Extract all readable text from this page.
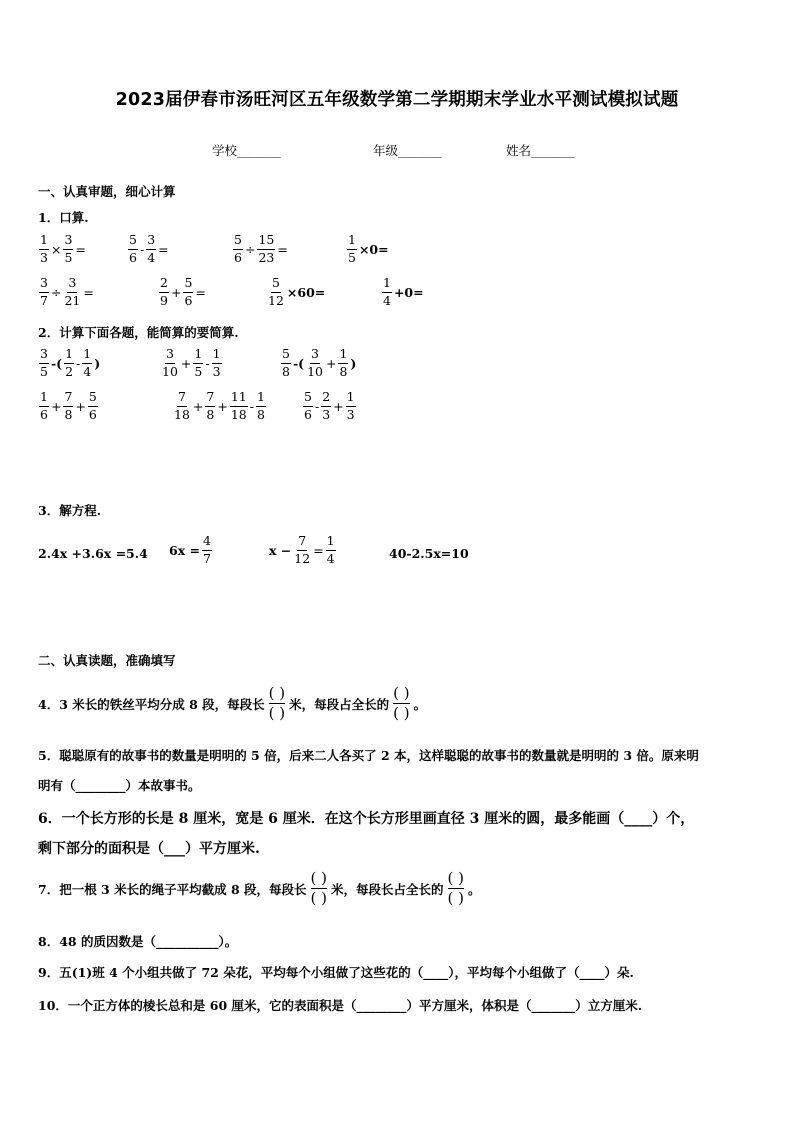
2023届伊春市汤旺河区五年级数学第二学期期末学业水平测试模拟试题
学校_______	年级_______	姓名_______
一、认真审题，细心计算
1．口算.
$\frac{1}{3} \times \frac{3}{5}$ =	$\frac{5}{6} - \frac{3}{4}$ =	$\frac{5}{6} \div \frac{15}{23}$ =	$\frac{1}{5} \times 0=$
$\frac{3}{7} \div \frac{3}{21}$ =	$\frac{2}{9} + \frac{5}{6}$ =	$\frac{5}{12} \times 60=$	$\frac{1}{4} +0=$
2．计算下面各题，能简算的要简算.
$\frac{3}{5}$ -( $\frac{1}{2} - \frac{1}{4}$ )	$\frac{3}{10} + \frac{1}{5} - \frac{1}{3}$	$\frac{5}{8}$ -( $\frac{3}{10} + \frac{1}{8}$ )
$\frac{1}{6} + \frac{7}{8} + \frac{5}{6}$	$\frac{7}{18} + \frac{7}{8} + \frac{11}{18} - \frac{1}{8}$	$\frac{5}{6} - \frac{2}{3} + \frac{1}{3}$
3．解方程.
2.4x +3.6x =5.4 $6x = \frac{4}{7}$	$x - \frac{7}{12} = \frac{1}{4}$	40-2.5x=10
二、认真读题，准确填写
4．3 米长的铁丝平均分成 8 段，每段长
( )
( ) 米，每段占全长的
( )
( ) 。
5．聪聪原有的故事书的数量是明明的 5 倍，后来二人各买了 2 本，这样聪聪的故事书的数量就是明明的 3 倍。原来明
明有（________）本故事书。
6．一个长方形的长是 8 厘米，宽是 6 厘米．在这个长方形里画直径 3 厘米的圆，最多能画（____）个，
剩下部分的面积是（___）平方厘米.
7．把一根 3 米长的绳子平均截成 8 段，每段长
( )
( ) 米，每段长占全长的
( )
( ) 。
8．48 的质因数是（__________）。
9．五(1)班 4 个小组共做了 72 朵花，平均每个小组做了这些花的（____），平均每个小组做了（____）朵.
10．一个正方体的棱长总和是 60 厘米，它的表面积是（________）平方厘米，体积是（_______）立方厘米.
